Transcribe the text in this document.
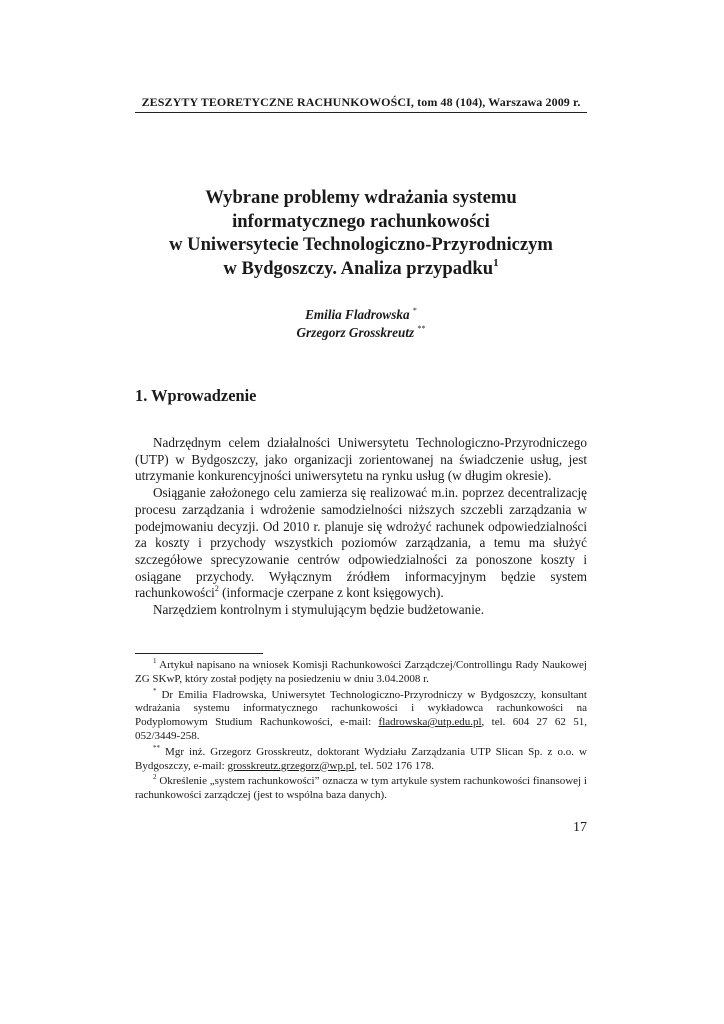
ZESZYTY TEORETYCZNE RACHUNKOWOŚCI, tom 48 (104), Warszawa 2009 r.
Wybrane problemy wdrażania systemu
informatycznego rachunkowości
w Uniwersytecie Technologiczno-Przyrodniczym
w Bydgoszczy. Analiza przypadku$^1$
Emilia Fladrowska *
Grzegorz Grosskreutz **
1. Wprowadzenie

Nadrzędnym celem działalności Uniwersytetu Technologiczno-Przyrodniczego (UTP) w Bydgoszczy, jako organizacji zorientowanej na świadczenie usług, jest utrzymanie konkurencyjności uniwersytetu na rynku usług (w długim okresie).

Osiąganie założonego celu zamierza się realizować m.in. poprzez decentralizację procesu zarządzania i wdrożenie samodzielności niższych szczebli zarządzania w podejmowaniu decyzji. Od 2010 r. planuje się wdrożyć rachunek odpowiedzialności za koszty i przychody wszystkich poziomów zarządzania, a temu ma służyć szczegółowe sprecyzowanie centrów odpowiedzialności za ponoszone koszty i osiągane przychody. Wyłącznym źródłem informacyjnym będzie system rachunkowości$^2$ (informacje czerpane z kont księgowych).

Narzędziem kontrolnym i stymulującym będzie budżetowanie.

$^1$ Artykuł napisano na wniosek Komisji Rachunkowości Zarządczej/Controllingu Rady Naukowej ZG SKwP, który został podjęty na posiedzeniu w dniu 3.04.2008 r.

* Dr Emilia Fladrowska, Uniwersytet Technologiczno-Przyrodniczy w Bydgoszczy, konsultant wdrażania systemu informatycznego rachunkowości i wykładowca rachunkowości na Podyplomowym Studium Rachunkowości, e-mail: fladrowska@utp.edu.pl, tel. 604 27 62 51, 052/3449-258.

** Mgr inż. Grzegorz Grosskreutz, doktorant Wydziału Zarządzania UTP Slican Sp. z o.o. w Bydgoszczy, e-mail: grosskreutz.grzegorz@wp.pl, tel. 502 176 178.

$^2$ Określenie „system rachunkowości” oznacza w tym artykule system rachunkowości finansowej i rachunkowości zarządczej (jest to wspólna baza danych).

17
